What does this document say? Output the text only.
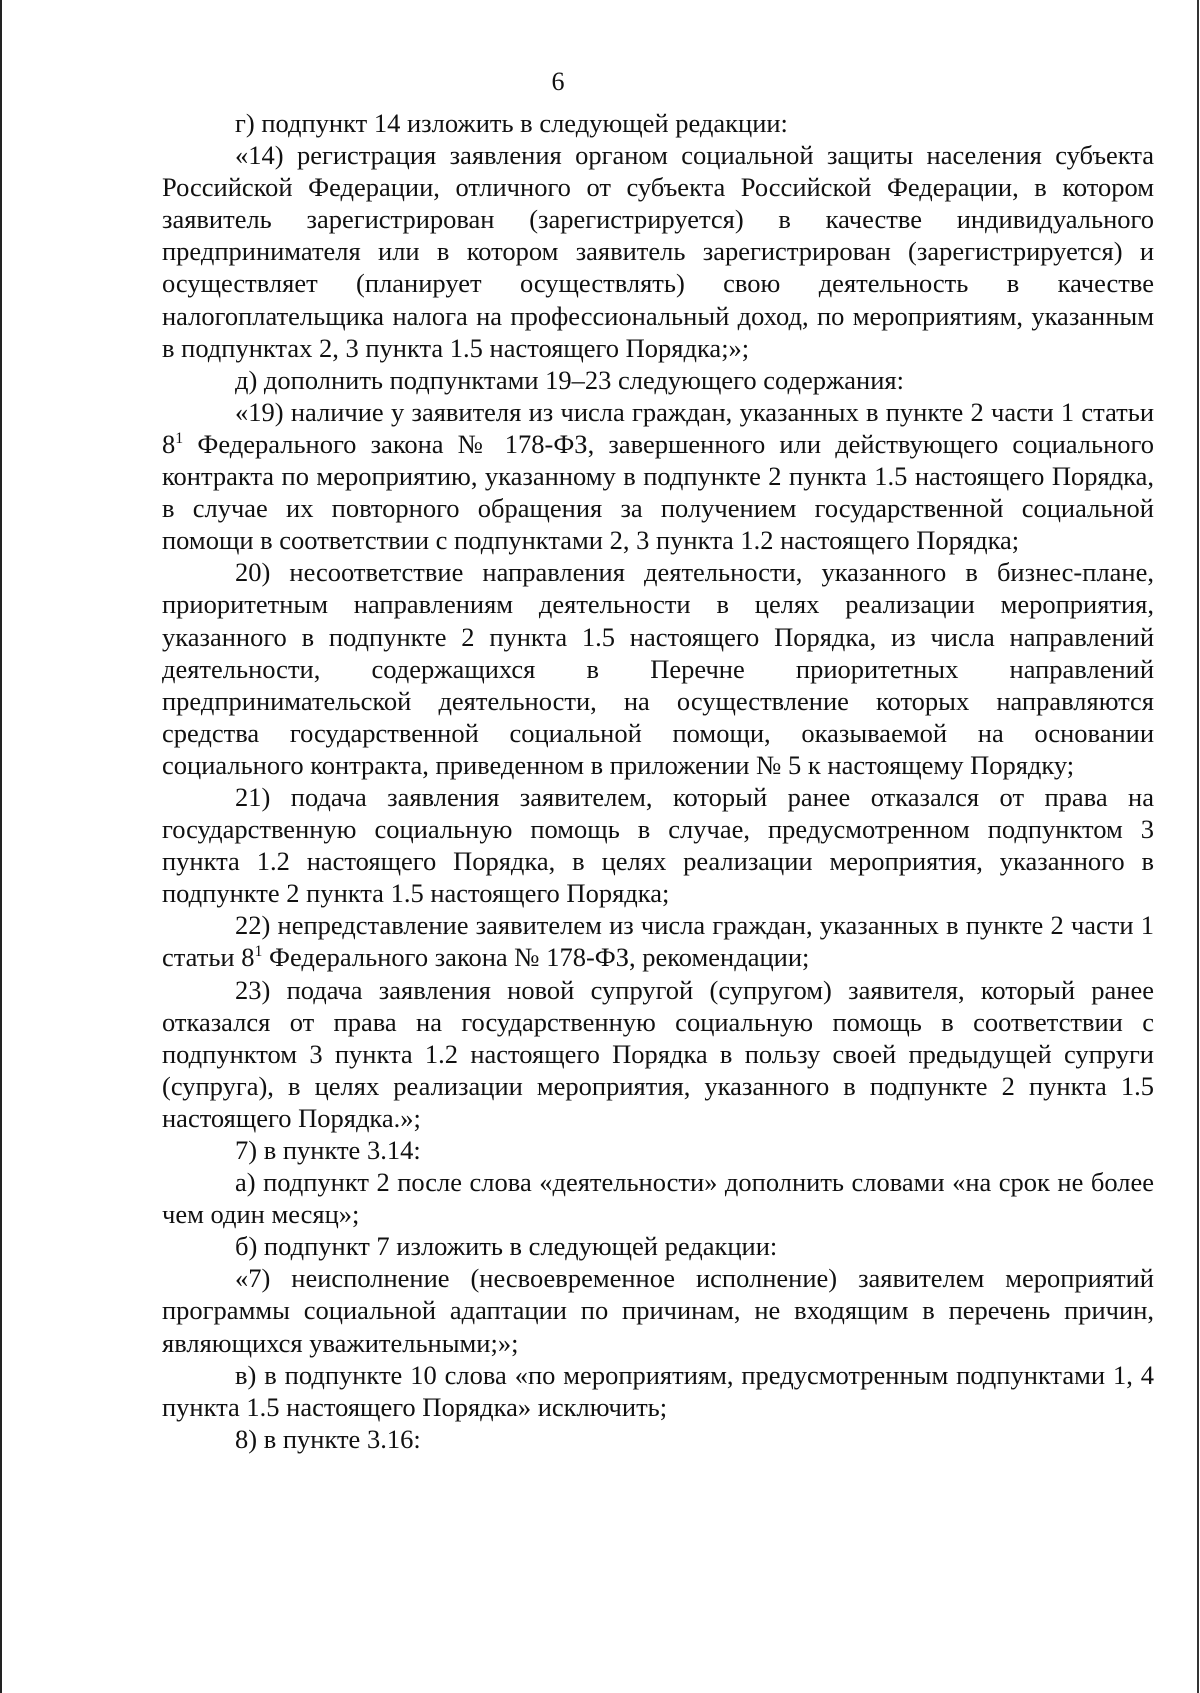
6

г) подпункт 14 изложить в следующей редакции:

«14) регистрация заявления органом социальной защиты населения субъекта Российской Федерации, отличного от субъекта Российской Федерации, в котором заявитель зарегистрирован (зарегистрируется) в качестве индивидуального предпринимателя или в котором заявитель зарегистрирован (зарегистрируется) и осуществляет (планирует осуществлять) свою деятельность в качестве налогоплательщика налога на профессиональный доход, по мероприятиям, указанным в подпунктах 2, 3 пункта 1.5 настоящего Порядка;»;

д) дополнить подпунктами 19–23 следующего содержания:

«19) наличие у заявителя из числа граждан, указанных в пункте 2 части 1 статьи $8^1$ Федерального закона № 178-ФЗ, завершенного или действующего социального контракта по мероприятию, указанному в подпункте 2 пункта 1.5 настоящего Порядка, в случае их повторного обращения за получением государственной социальной помощи в соответствии с подпунктами 2, 3 пункта 1.2 настоящего Порядка;

20) несоответствие направления деятельности, указанного в бизнес-плане, приоритетным направлениям деятельности в целях реализации мероприятия, указанного в подпункте 2 пункта 1.5 настоящего Порядка, из числа направлений деятельности, содержащихся в Перечне приоритетных направлений предпринимательской деятельности, на осуществление которых направляются средства государственной социальной помощи, оказываемой на основании социального контракта, приведенном в приложении № 5 к настоящему Порядку;

21) подача заявления заявителем, который ранее отказался от права на государственную социальную помощь в случае, предусмотренном подпунктом 3 пункта 1.2 настоящего Порядка, в целях реализации мероприятия, указанного в подпункте 2 пункта 1.5 настоящего Порядка;

22) непредставление заявителем из числа граждан, указанных в пункте 2 части 1 статьи $8^1$ Федерального закона № 178-ФЗ, рекомендации;

23) подача заявления новой супругой (супругом) заявителя, который ранее отказался от права на государственную социальную помощь в соответствии с подпунктом 3 пункта 1.2 настоящего Порядка в пользу своей предыдущей супруги (супруга), в целях реализации мероприятия, указанного в подпункте 2 пункта 1.5 настоящего Порядка.»;

7) в пункте 3.14:

а) подпункт 2 после слова «деятельности» дополнить словами «на срок не более чем один месяц»;

б) подпункт 7 изложить в следующей редакции:

«7) неисполнение (несвоевременное исполнение) заявителем мероприятий программы социальной адаптации по причинам, не входящим в перечень причин, являющихся уважительными;»;

в) в подпункте 10 слова «по мероприятиям, предусмотренным подпунктами 1, 4 пункта 1.5 настоящего Порядка» исключить;

8) в пункте 3.16:
